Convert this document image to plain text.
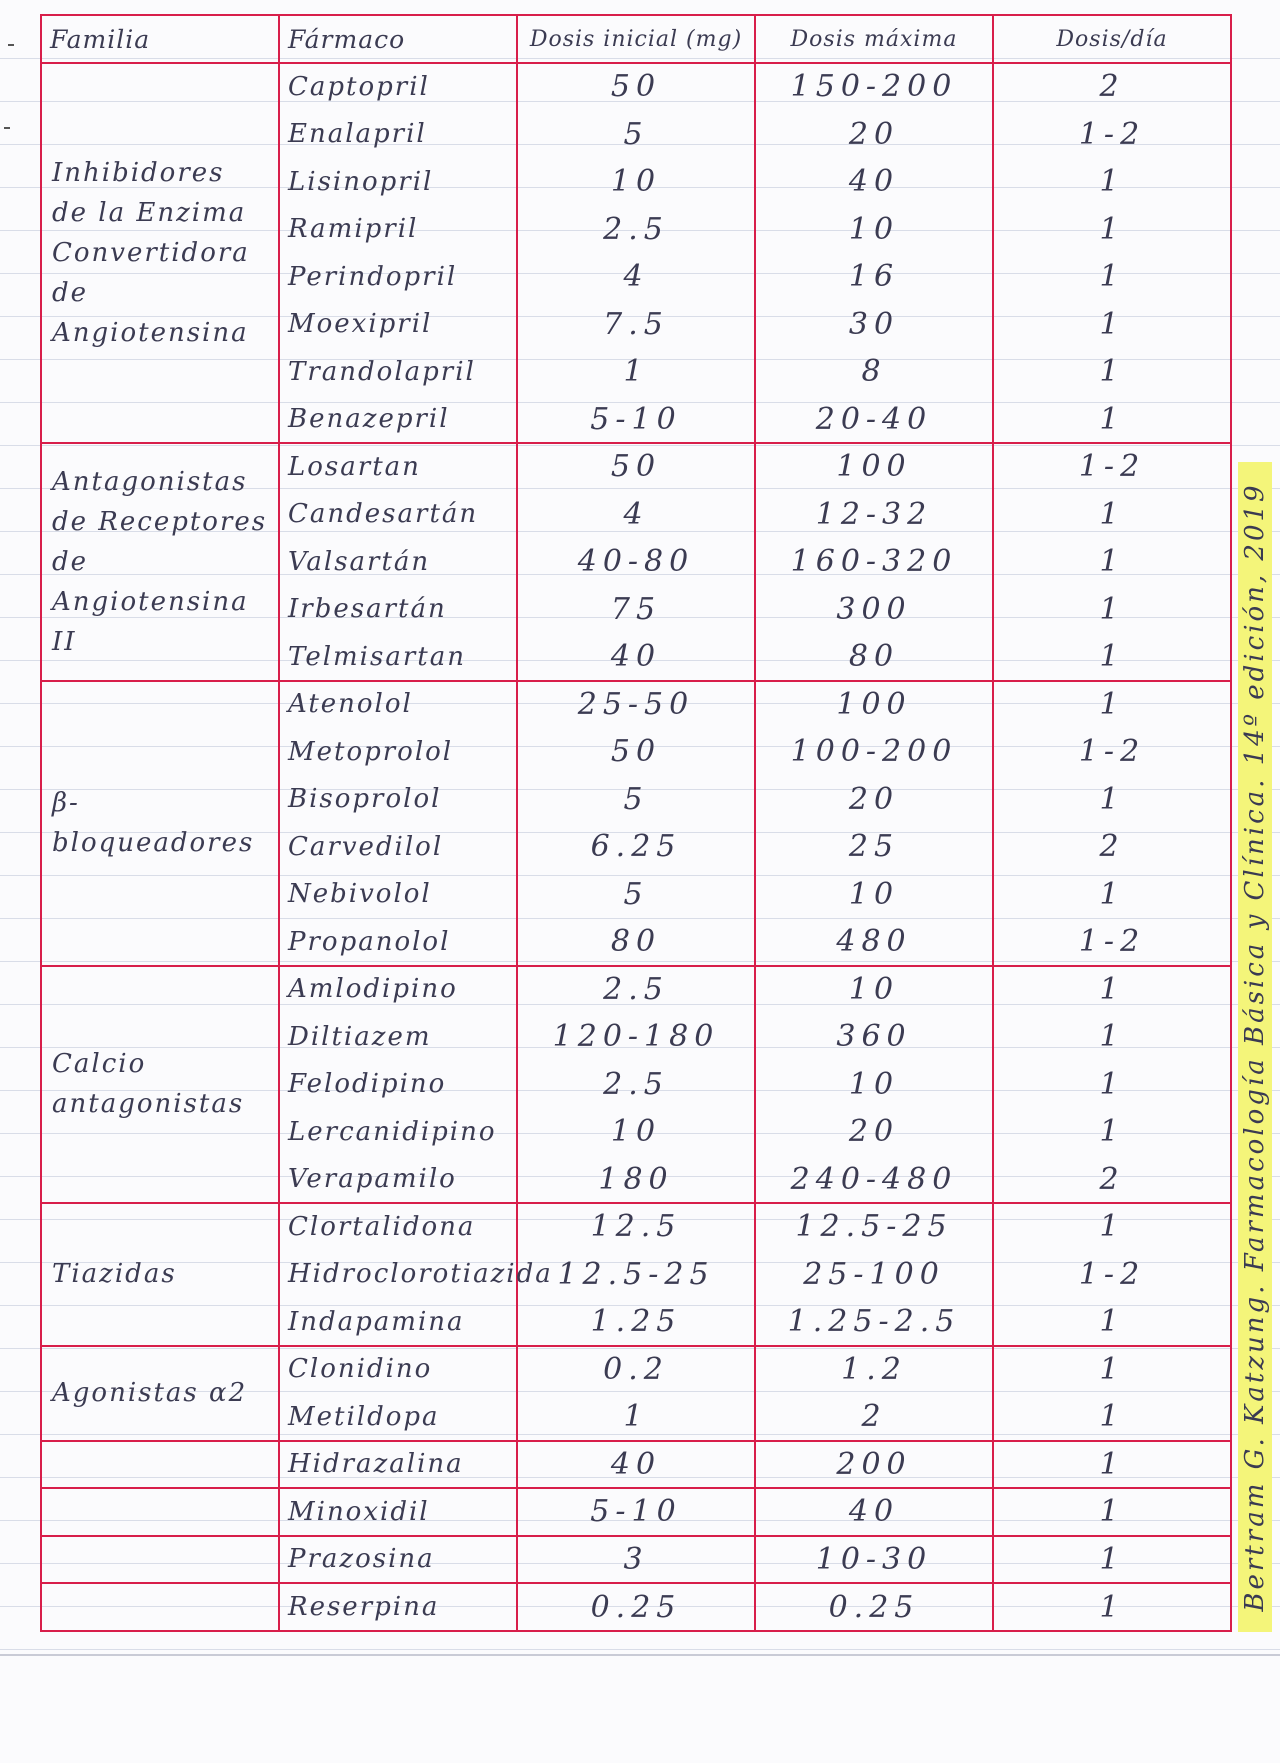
Familia	Fármaco	Dosis inicial (mg)	Dosis máxima	Dosis/día
Inhibidores de la Enzima Convertidora de Angiotensina	Captopril	50	150-200	2
	Enalapril	5	20	1-2
	Lisinopril	10	40	1
	Ramipril	2.5	10	1
	Perindopril	4	16	1
	Moexipril	7.5	30	1
	Trandolapril	1	8	1
	Benazepril	5-10	20-40	1
Antagonistas de Receptores de Angiotensina II	Losartan	50	100	1-2
	Candesartán	4	12-32	1
	Valsartán	40-80	160-320	1
	Irbesartán	75	300	1
	Telmisartan	40	80	1
β-bloqueadores	Atenolol	25-50	100	1
	Metoprolol	50	100-200	1-2
	Bisoprolol	5	20	1
	Carvedilol	6.25	25	2
	Nebivolol	5	10	1
	Propanolol	80	480	1-2
Calcio antagonistas	Amlodipino	2.5	10	1
	Diltiazem	120-180	360	1
	Felodipino	2.5	10	1
	Lercanidipino	10	20	1
	Verapamilo	180	240-480	2
Tiazidas	Clortalidona	12.5	12.5-25	1
	Hidroclorotiazida	12.5-25	25-100	1-2
	Indapamina	1.25	1.25-2.5	1
Agonistas α2	Clonidino	0.2	1.2	1
	Metildopa	1	2	1
	Hidrazalina	40	200	1
	Minoxidil	5-10	40	1
	Prazosina	3	10-30	1
	Reserpina	0.25	0.25	1	Bertram G. Katzung. Farmacología Básica y Clínica. 14º edición, 2019
